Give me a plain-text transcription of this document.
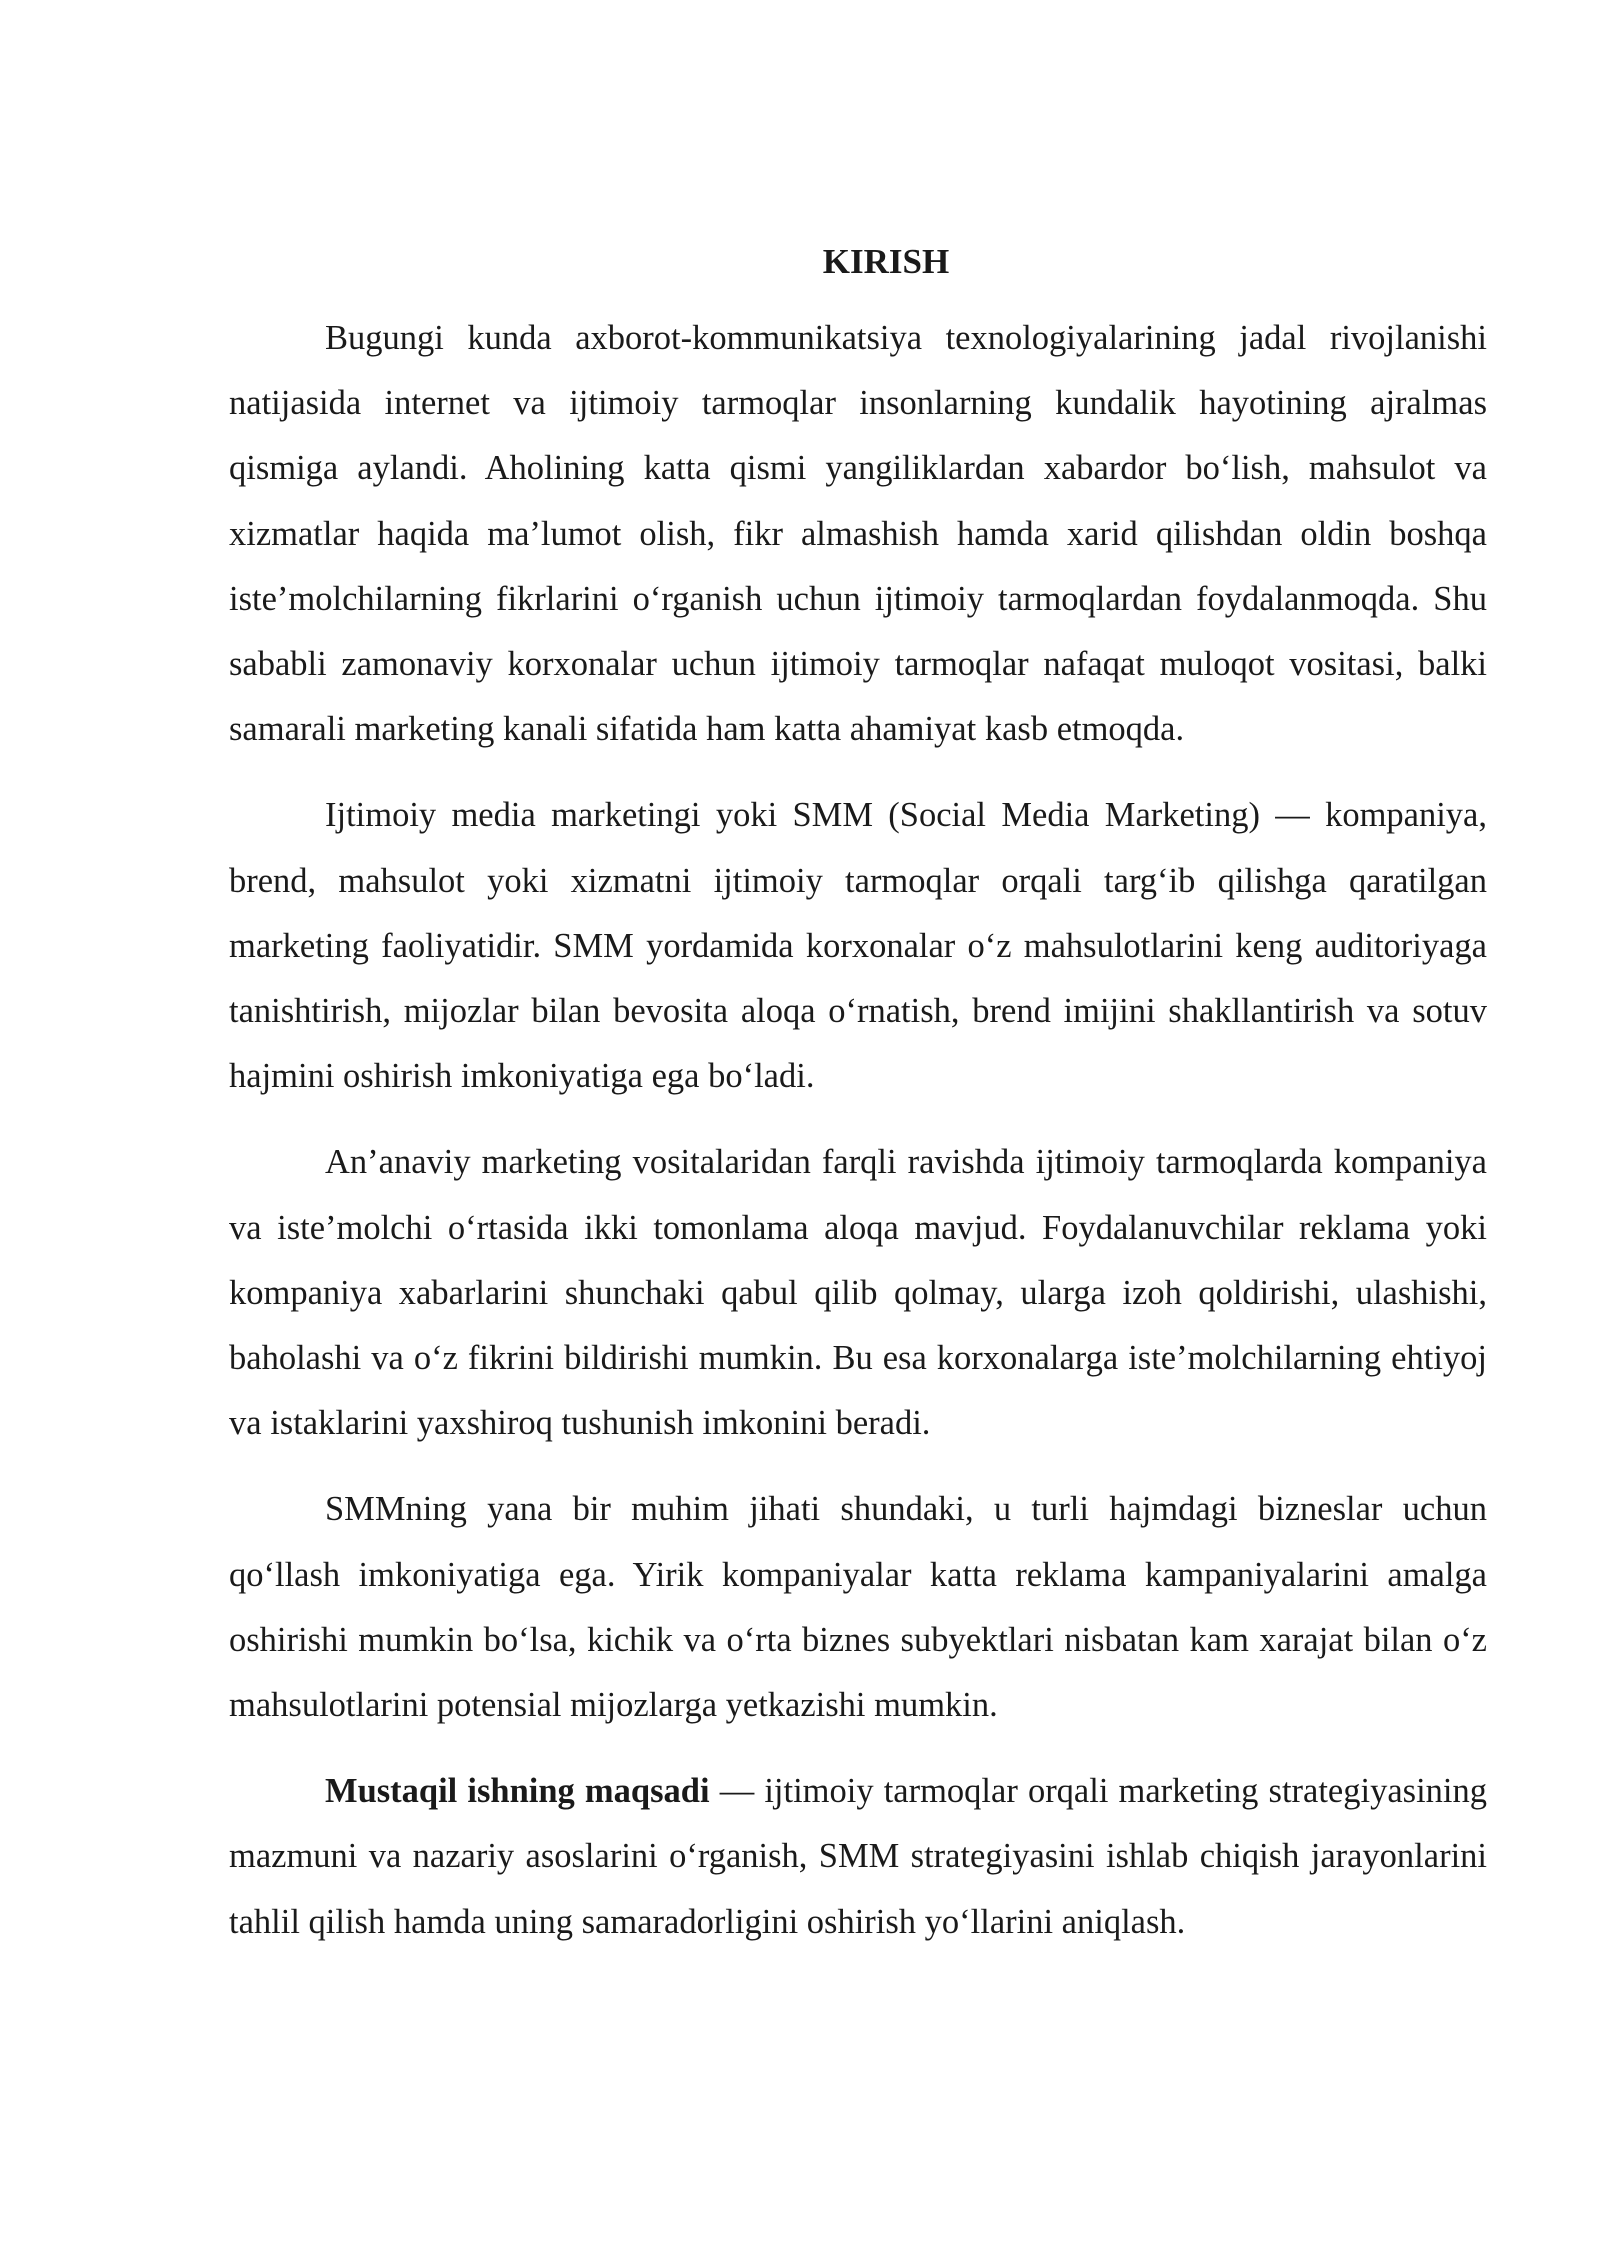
KIRISH

Bugungi kunda axborot-kommunikatsiya texnologiyalarining jadal rivojlanishi natijasida internet va ijtimoiy tarmoqlar insonlarning kundalik hayotining ajralmas qismiga aylandi. Aholining katta qismi yangiliklardan xabardor bo‘lish, mahsulot va xizmatlar haqida ma’lumot olish, fikr almashish hamda xarid qilishdan oldin boshqa iste’molchilarning fikrlarini o‘rganish uchun ijtimoiy tarmoqlardan foydalanmoqda. Shu sababli zamonaviy korxonalar uchun ijtimoiy tarmoqlar nafaqat muloqot vositasi, balki samarali marketing kanali sifatida ham katta ahamiyat kasb etmoqda.

Ijtimoiy media marketingi yoki SMM (Social Media Marketing) — kompaniya, brend, mahsulot yoki xizmatni ijtimoiy tarmoqlar orqali targ‘ib qilishga qaratilgan marketing faoliyatidir. SMM yordamida korxonalar o‘z mahsulotlarini keng auditoriyaga tanishtirish, mijozlar bilan bevosita aloqa o‘rnatish, brend imijini shakllantirish va sotuv hajmini oshirish imkoniyatiga ega bo‘ladi.

An’anaviy marketing vositalaridan farqli ravishda ijtimoiy tarmoqlarda kompaniya va iste’molchi o‘rtasida ikki tomonlama aloqa mavjud. Foydalanuvchilar reklama yoki kompaniya xabarlarini shunchaki qabul qilib qolmay, ularga izoh qoldirishi, ulashishi, baholashi va o‘z fikrini bildirishi mumkin. Bu esa korxonalarga iste’molchilarning ehtiyoj va istaklarini yaxshiroq tushunish imkonini beradi.

SMMning yana bir muhim jihati shundaki, u turli hajmdagi bizneslar uchun qo‘llash imkoniyatiga ega. Yirik kompaniyalar katta reklama kampaniyalarini amalga oshirishi mumkin bo‘lsa, kichik va o‘rta biznes subyektlari nisbatan kam xarajat bilan o‘z mahsulotlarini potensial mijozlarga yetkazishi mumkin.

Mustaqil ishning maqsadi — ijtimoiy tarmoqlar orqali marketing strategiyasining mazmuni va nazariy asoslarini o‘rganish, SMM strategiyasini ishlab chiqish jarayonlarini tahlil qilish hamda uning samaradorligini oshirish yo‘llarini aniqlash.
